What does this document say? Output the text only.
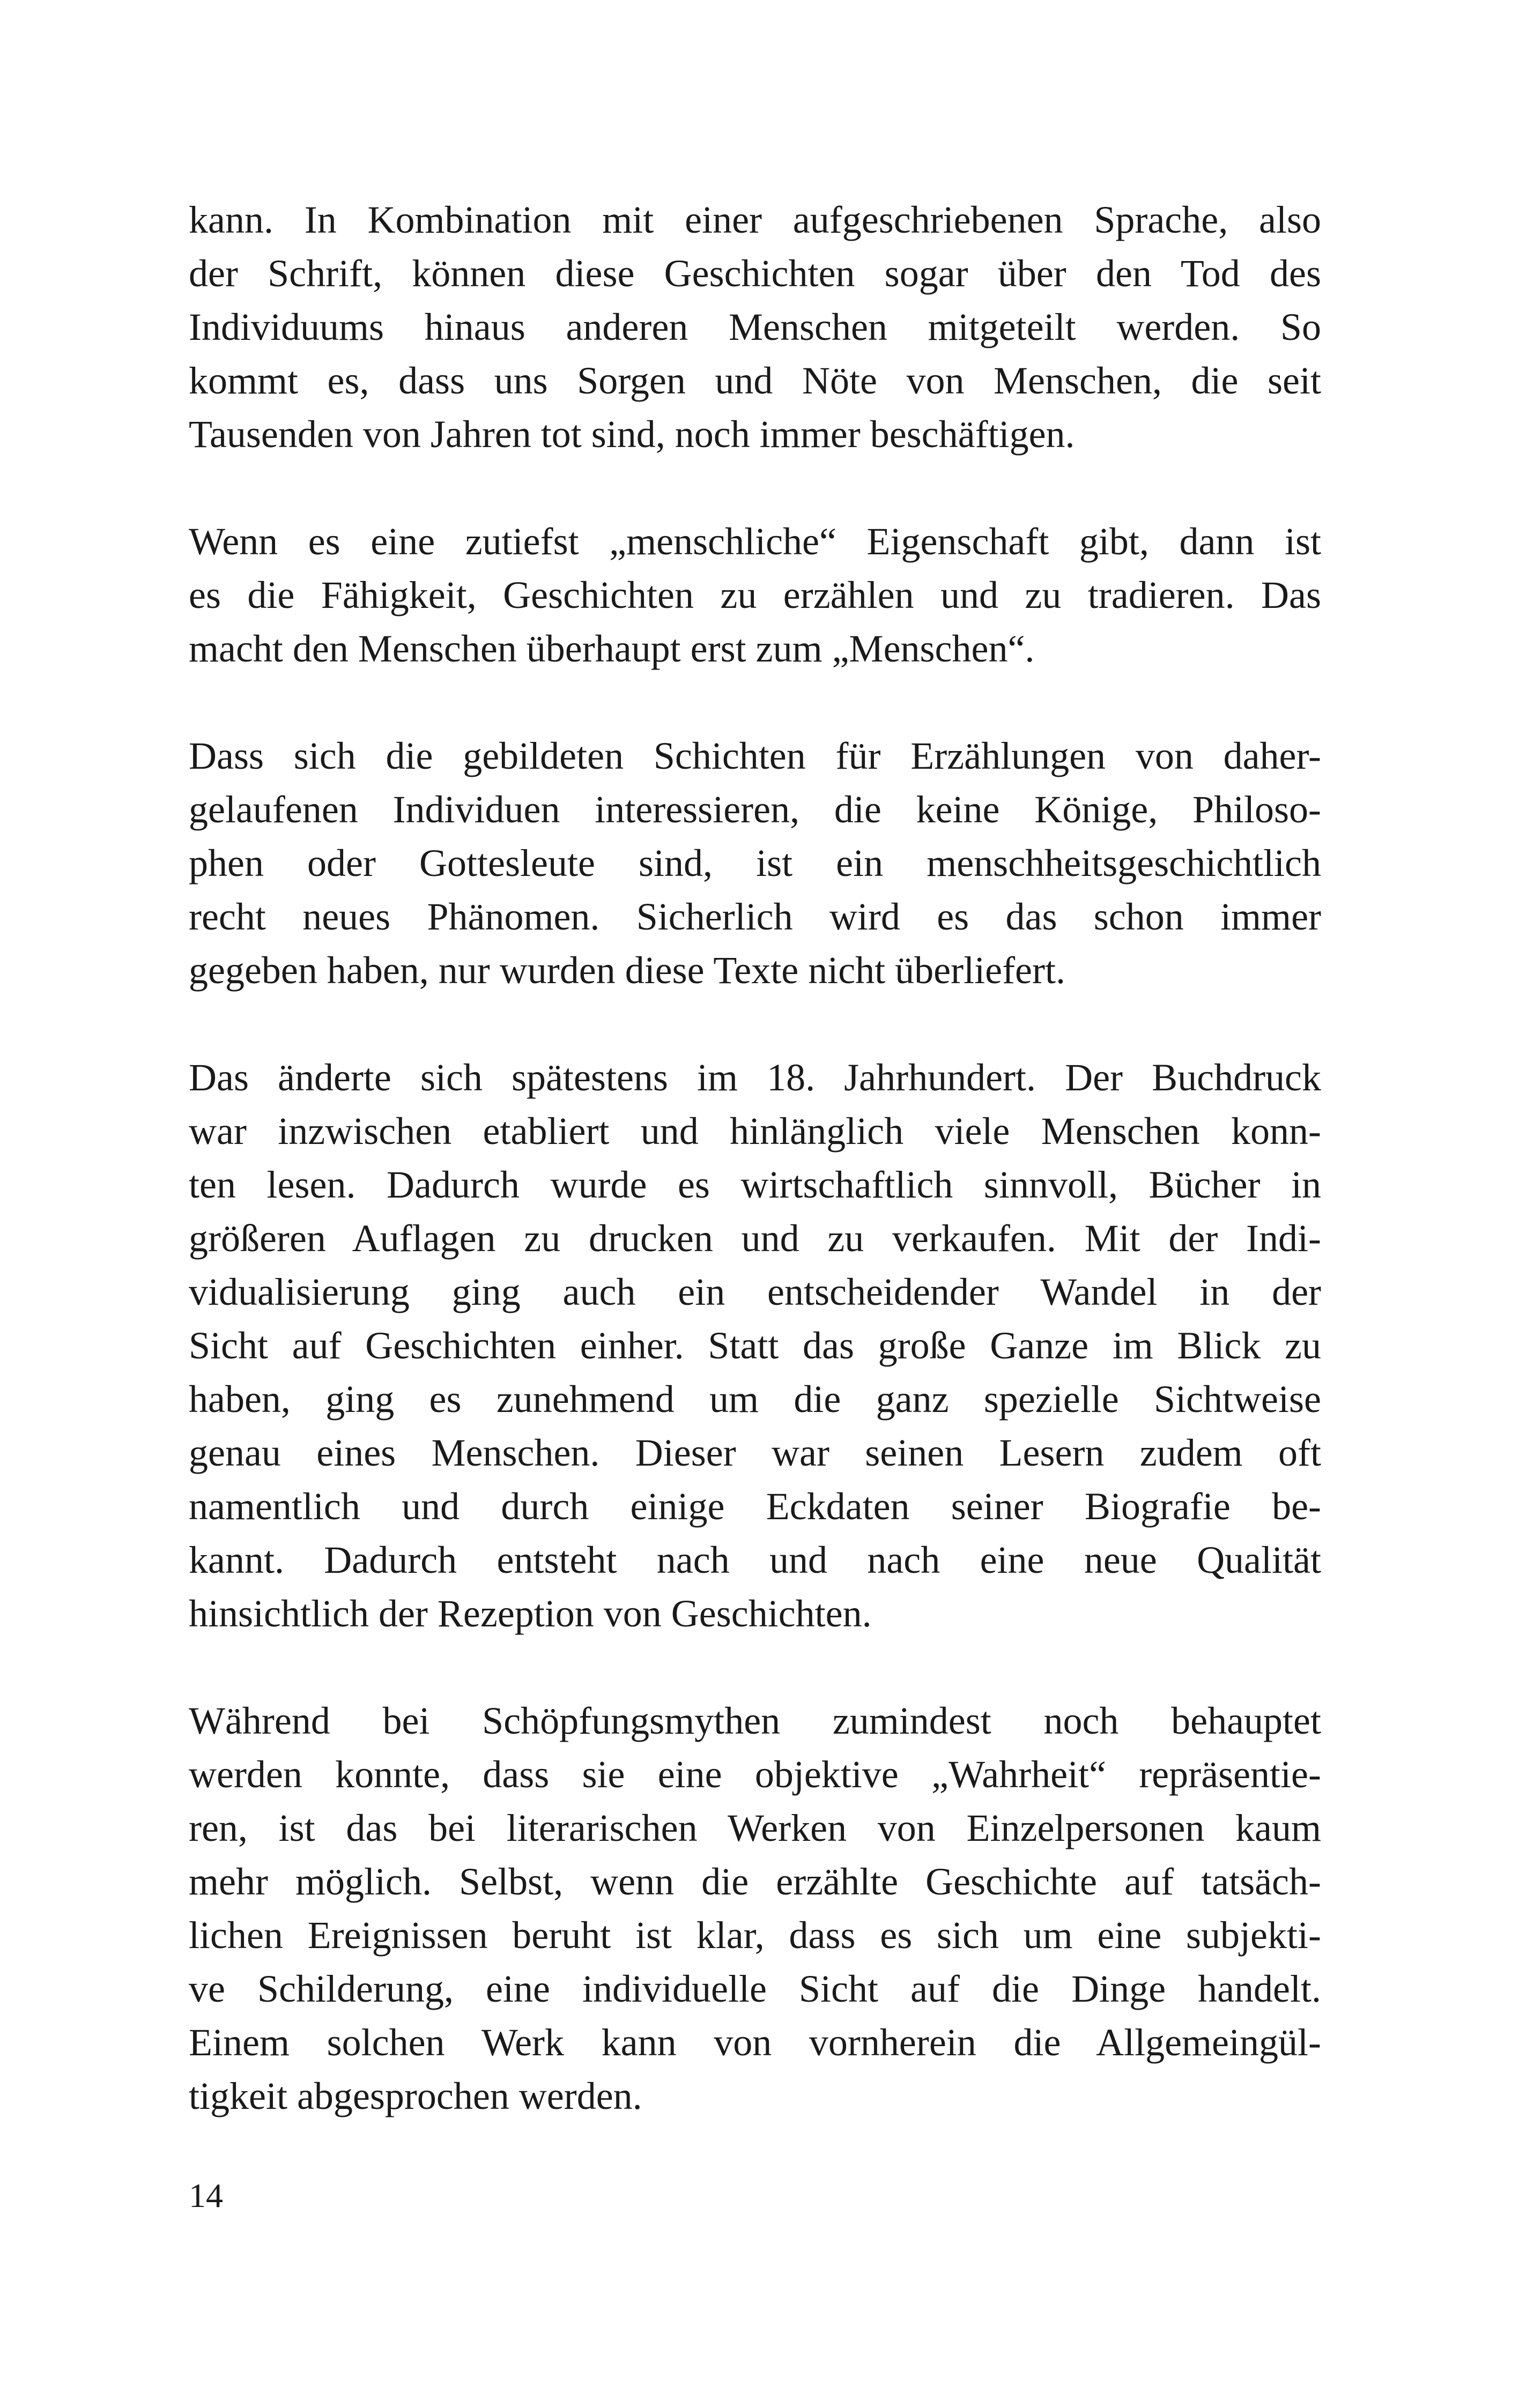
kann. In Kombination mit einer aufgeschriebenen Sprache, also
der Schrift, können diese Geschichten sogar über den Tod des
Individuums hinaus anderen Menschen mitgeteilt werden. So
kommt es, dass uns Sorgen und Nöte von Menschen, die seit
Tausenden von Jahren tot sind, noch immer beschäftigen.

Wenn es eine zutiefst „menschliche“ Eigenschaft gibt, dann ist
es die Fähigkeit, Geschichten zu erzählen und zu tradieren. Das
macht den Menschen überhaupt erst zum „Menschen“.

Dass sich die gebildeten Schichten für Erzählungen von daher-
gelaufenen Individuen interessieren, die keine Könige, Philoso-
phen oder Gottesleute sind, ist ein menschheitsgeschichtlich
recht neues Phänomen. Sicherlich wird es das schon immer
gegeben haben, nur wurden diese Texte nicht überliefert.

Das änderte sich spätestens im 18. Jahrhundert. Der Buchdruck
war inzwischen etabliert und hinlänglich viele Menschen konn-
ten lesen. Dadurch wurde es wirtschaftlich sinnvoll, Bücher in
größeren Auflagen zu drucken und zu verkaufen. Mit der Indi-
vidualisierung ging auch ein entscheidender Wandel in der
Sicht auf Geschichten einher. Statt das große Ganze im Blick zu
haben, ging es zunehmend um die ganz spezielle Sichtweise
genau eines Menschen. Dieser war seinen Lesern zudem oft
namentlich und durch einige Eckdaten seiner Biografie be-
kannt. Dadurch entsteht nach und nach eine neue Qualität
hinsichtlich der Rezeption von Geschichten.

Während bei Schöpfungsmythen zumindest noch behauptet
werden konnte, dass sie eine objektive „Wahrheit“ repräsentie-
ren, ist das bei literarischen Werken von Einzelpersonen kaum
mehr möglich. Selbst, wenn die erzählte Geschichte auf tatsäch-
lichen Ereignissen beruht ist klar, dass es sich um eine subjekti-
ve Schilderung, eine individuelle Sicht auf die Dinge handelt.
Einem solchen Werk kann von vornherein die Allgemeingül-
tigkeit abgesprochen werden.

14
